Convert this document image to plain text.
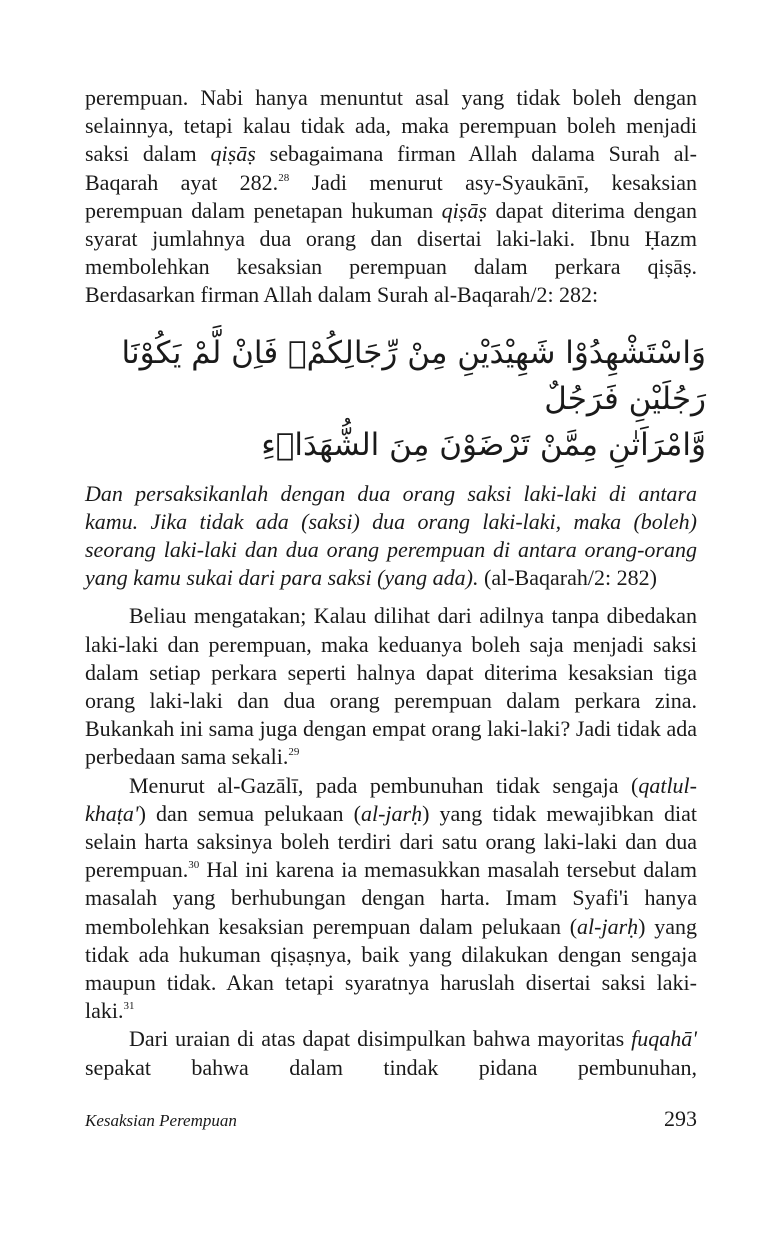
perempuan. Nabi hanya menuntut asal yang tidak boleh dengan selainnya, tetapi kalau tidak ada, maka perempuan boleh menjadi saksi dalam qiṣāṣ sebagaimana firman Allah dalama Surah al-Baqarah ayat 282.28 Jadi menurut asy-Syaukānī, kesaksian perempuan dalam penetapan hukuman qiṣāṣ dapat diterima dengan syarat jumlahnya dua orang dan disertai laki-laki. Ibnu Ḥazm membolehkan kesaksian perempuan dalam perkara qiṣāṣ. Berdasarkan firman Allah dalam Surah al-Baqarah/2: 282:

وَاسْتَشْهِدُوْا شَهِيْدَيْنِ مِنْ رِّجَالِكُمْۚ فَاِنْ لَّمْ يَكُوْنَا رَجُلَيْنِ فَرَجُلٌ
وَّامْرَاَتٰنِ مِمَّنْ تَرْضَوْنَ مِنَ الشُّهَدَاۤءِ

Dan persaksikanlah dengan dua orang saksi laki-laki di antara kamu. Jika tidak ada (saksi) dua orang laki-laki, maka (boleh) seorang laki-laki dan dua orang perempuan di antara orang-orang yang kamu sukai dari para saksi (yang ada). (al-Baqarah/2: 282)

Beliau mengatakan; Kalau dilihat dari adilnya tanpa dibedakan laki-laki dan perempuan, maka keduanya boleh saja menjadi saksi dalam setiap perkara seperti halnya dapat diterima kesaksian tiga orang laki-laki dan dua orang perempuan dalam perkara zina. Bukankah ini sama juga dengan empat orang laki-laki? Jadi tidak ada perbedaan sama sekali.$^{29}$

Menurut al-Gazālī, pada pembunuhan tidak sengaja (qatlul-khaṭa') dan semua pelukaan (al-jarḥ) yang tidak mewajibkan diat selain harta saksinya boleh terdiri dari satu orang laki-laki dan dua perempuan.$^{30}$ Hal ini karena ia memasukkan masalah tersebut dalam masalah yang berhubungan dengan harta. Imam Syafi'i hanya membolehkan kesaksian perempuan dalam pelukaan (al-jarḥ) yang tidak ada hukuman qiṣaṣnya, baik yang dilakukan dengan sengaja maupun tidak. Akan tetapi syaratnya haruslah disertai saksi laki-laki.$^{31}$

Dari uraian di atas dapat disimpulkan bahwa mayoritas fuqahā' sepakat bahwa dalam tindak pidana pembunuhan,

Kesaksian Perempuan	293
